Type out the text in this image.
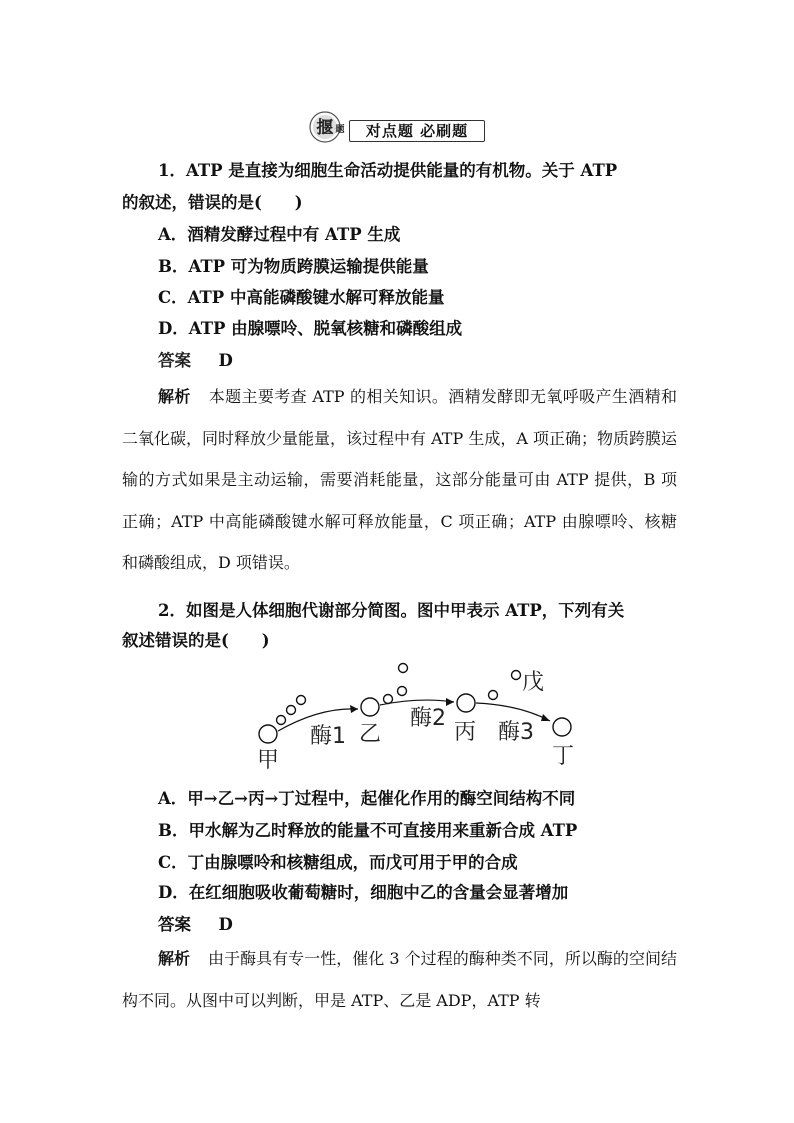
揠 题	对点题 必刷题
1．ATP 是直接为细胞生命活动提供能量的有机物。关于 ATP
的叙述，错误的是(　　)
A．酒精发酵过程中有 ATP 生成
B．ATP 可为物质跨膜运输提供能量
C．ATP 中高能磷酸键水解可释放能量
D．ATP 由腺嘌呤、脱氧核糖和磷酸组成
答案 D
解析 本题主要考查 ATP 的相关知识。酒精发酵即无氧呼吸产生酒精和二氧化碳，同时释放少量能量，该过程中有 ATP 生成，A 项正确；物质跨膜运输的方式如果是主动运输，需要消耗能量，这部分能量可由 ATP 提供，B 项正确；ATP 中高能磷酸键水解可释放能量，C 项正确；ATP 由腺嘌呤、核糖和磷酸组成，D 项错误。
2．如图是人体细胞代谢部分简图。图中甲表示 ATP，下列有关
叙述错误的是(　　)
甲
乙	丙
丁
戊
酶1
酶2
酶3
A．甲→乙→丙→丁过程中，起催化作用的酶空间结构不同
B．甲水解为乙时释放的能量不可直接用来重新合成 ATP
C．丁由腺嘌呤和核糖组成，而戊可用于甲的合成
D．在红细胞吸收葡萄糖时，细胞中乙的含量会显著增加
答案 D
解析 由于酶具有专一性，催化 3 个过程的酶种类不同，所以酶的空间结构不同。从图中可以判断，甲是 ATP、乙是 ADP，ATP 转
